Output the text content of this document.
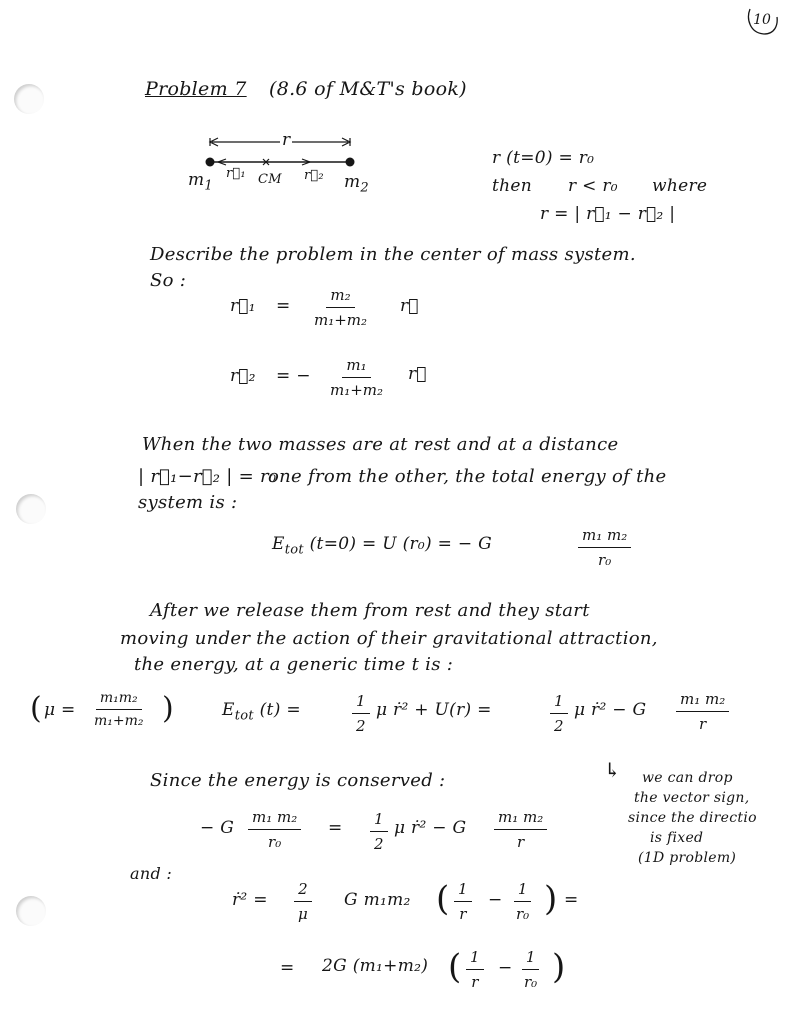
10
Problem 7 (8.6 of M&T's book)
r
$m_1$
r⃗₁ CM r⃗₂ $m_2$
r (t=0) = r₀
then r < r₀ where
r = | r⃗₁ − r⃗₂ |
Describe the problem in the center of mass system.
So :
r⃗₁ = $\frac{\text{m₂}}{\text{m₁+m₂}}$ r⃗
r⃗₂ = − $\frac{\text{m₁}}{\text{m₁+m₂}}$ r⃗
When the two masses are at rest and at a distance
| r⃗₁−r⃗₂ | = r₀
one from the other, the total energy of the
system is :
$E_{tot}$ (t=0) = U (r₀) = − G	$\frac{\text{m₁ m₂}}{\text{r₀}}$
After we release them from rest and they start
moving under the action of their gravitational attraction,
the energy, at a generic time t is :
( $\mu = \frac{\text{m₁m₂}}{\text{m₁+m₂}}$ )	$E_{tot}$ (t) =	$\frac{1}{2}$ μ ṙ² + U(r) =	$\frac{1}{2}$ μ ṙ² − G $\frac{\text{m₁ m₂}}{r}$
Since the energy is conserved :	↳ we can drop
the vector sign,
since the directio
is fixed
(1D problem)
− G $\frac{\text{m₁ m₂}}{\text{r₀}} = \frac{1}{2}$ μ ṙ² − G $\frac{\text{m₁ m₂}}{r}$
and :
ṙ² = $\frac{2}{\mu}$ G m₁m₂ ( $\frac{1}{r} - \frac{1}{\text{r₀}}$ ) =
= 2G (m₁+m₂) ( $\frac{1}{r} - \frac{1}{\text{r₀}}$ )
